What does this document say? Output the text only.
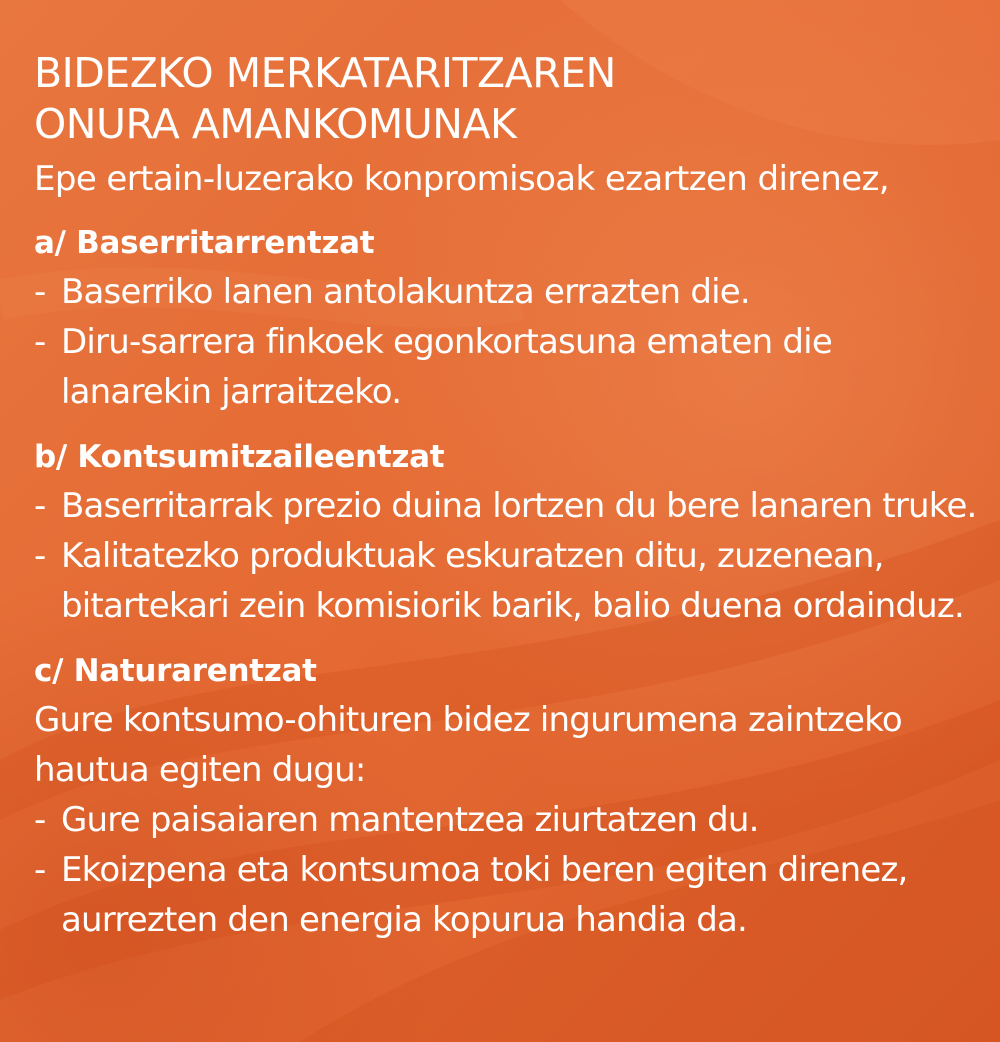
BIDEZKO MERKATARITZAREN
ONURA AMANKOMUNAK

Epe ertain-luzerako konpromisoak ezartzen direnez,

a/ Baserritarrentzat
- Baserriko lanen antolakuntza errazten die.
- Diru-sarrera finkoek egonkortasuna ematen die
lanarekin jarraitzeko.
b/ Kontsumitzaileentzat
- Baserritarrak prezio duina lortzen du bere lanaren truke.
- Kalitatezko produktuak eskuratzen ditu, zuzenean,
bitartekari zein komisiorik barik, balio duena ordainduz.
c/ Naturarentzat

Gure kontsumo-ohituren bidez ingurumena zaintzeko

hautua egiten dugu:

- Gure paisaiaren mantentzea ziurtatzen du.
- Ekoizpena eta kontsumoa toki beren egiten direnez,
aurrezten den energia kopurua handia da.
